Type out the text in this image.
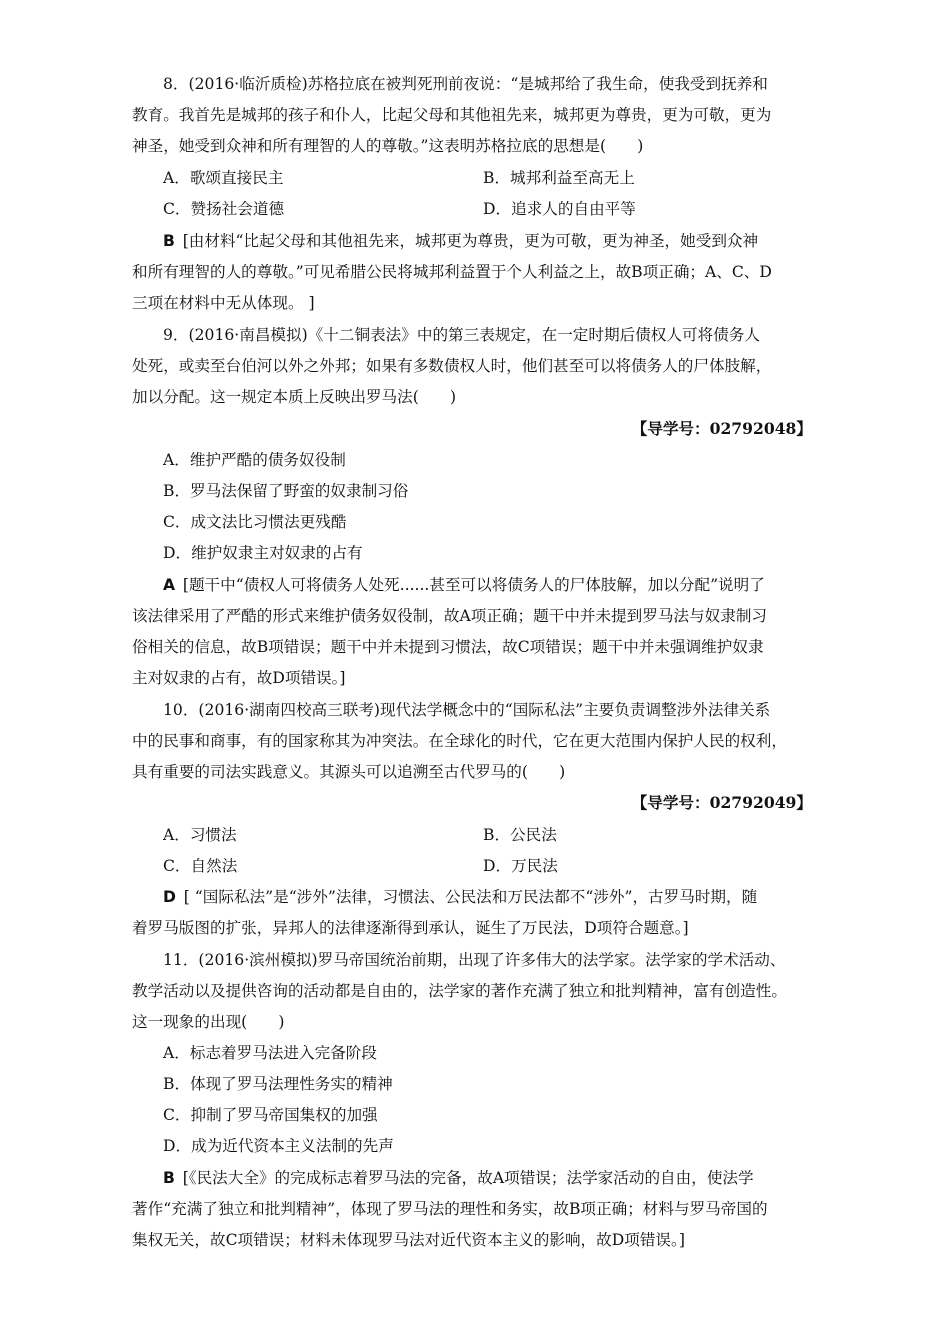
8．(2016·临沂质检)苏格拉底在被判死刑前夜说：“是城邦给了我生命，使我受到抚养和
教育。我首先是城邦的孩子和仆人，比起父母和其他祖先来，城邦更为尊贵，更为可敬，更为
神圣，她受到众神和所有理智的人的尊敬。”这表明苏格拉底的思想是(　　)
A．歌颂直接民主	B．城邦利益至高无上
C．赞扬社会道德	D．追求人的自由平等
B  [由材料“比起父母和其他祖先来，城邦更为尊贵，更为可敬，更为神圣，她受到众神
和所有理智的人的尊敬。”可见希腊公民将城邦利益置于个人利益之上，故B项正确；A、C、D
三项在材料中无从体现。 ]
9．(2016·南昌模拟)《十二铜表法》中的第三表规定，在一定时期后债权人可将债务人
处死，或卖至台伯河以外之外邦；如果有多数债权人时，他们甚至可以将债务人的尸体肢解，
加以分配。这一规定本质上反映出罗马法(　　)
【导学号：02792048】
A．维护严酷的债务奴役制
B．罗马法保留了野蛮的奴隶制习俗
C．成文法比习惯法更残酷
D．维护奴隶主对奴隶的占有
A  [题干中“债权人可将债务人处死......甚至可以将债务人的尸体肢解，加以分配”说明了
该法律采用了严酷的形式来维护债务奴役制，故A项正确；题干中并未提到罗马法与奴隶制习
俗相关的信息，故B项错误；题干中并未提到习惯法，故C项错误；题干中并未强调维护奴隶
主对奴隶的占有，故D项错误。]
10．(2016·湖南四校高三联考)现代法学概念中的“国际私法”主要负责调整涉外法律关系
中的民事和商事，有的国家称其为冲突法。在全球化的时代，它在更大范围内保护人民的权利，
具有重要的司法实践意义。其源头可以追溯至古代罗马的(　　)
【导学号：02792049】
A．习惯法	B．公民法
C．自然法	D．万民法
D  [ “国际私法”是“涉外”法律，习惯法、公民法和万民法都不“涉外”，古罗马时期，随
着罗马版图的扩张，异邦人的法律逐渐得到承认，诞生了万民法，D项符合题意。]
11．(2016·滨州模拟)罗马帝国统治前期，出现了许多伟大的法学家。法学家的学术活动、
教学活动以及提供咨询的活动都是自由的，法学家的著作充满了独立和批判精神，富有创造性。
这一现象的出现(　　)
A．标志着罗马法进入完备阶段
B．体现了罗马法理性务实的精神
C．抑制了罗马帝国集权的加强
D．成为近代资本主义法制的先声
B  [《民法大全》的完成标志着罗马法的完备，故A项错误；法学家活动的自由，使法学
著作“充满了独立和批判精神”，体现了罗马法的理性和务实，故B项正确；材料与罗马帝国的
集权无关，故C项错误；材料未体现罗马法对近代资本主义的影响，故D项错误。]
